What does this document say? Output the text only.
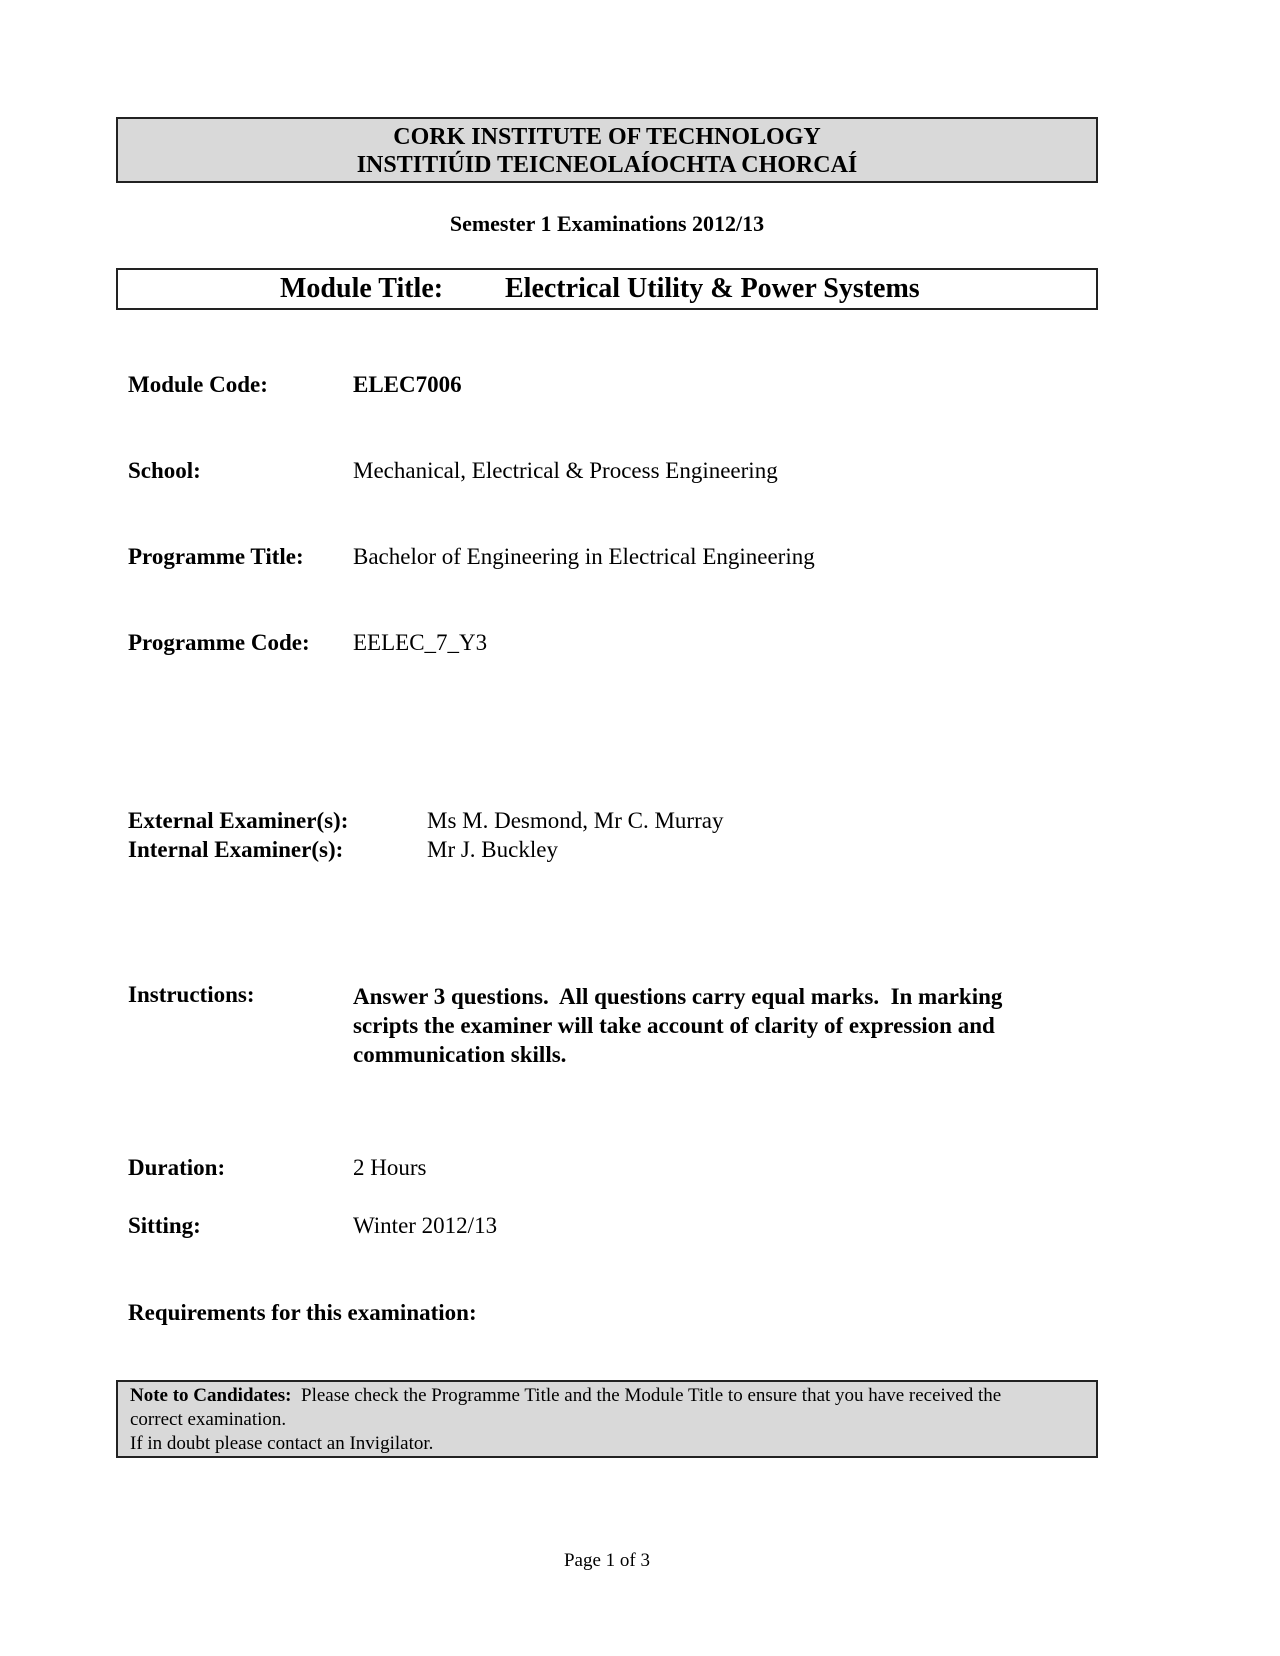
CORK INSTITUTE OF TECHNOLOGY
INSTITIÚID TEICNEOLAÍOCHTA CHORCAÍ
Semester 1 Examinations 2012/13
Module Title: Electrical Utility & Power Systems
Module Code:	ELEC7006
School:	Mechanical, Electrical & Process Engineering
Programme Title: Bachelor of Engineering in Electrical Engineering
Programme Code: EELEC_7_Y3
External Examiner(s):	Ms M. Desmond, Mr C. Murray
Internal Examiner(s):	Mr J. Buckley
Instructions:	Answer 3 questions.  All questions carry equal marks.  In marking
scripts the examiner will take account of clarity of expression and
communication skills.
Duration:	2 Hours
Sitting:	Winter 2012/13
Requirements for this examination:
Note to Candidates: Please check the Programme Title and the Module Title to ensure that you have received the
correct examination.
If in doubt please contact an Invigilator.
Page 1 of 3
